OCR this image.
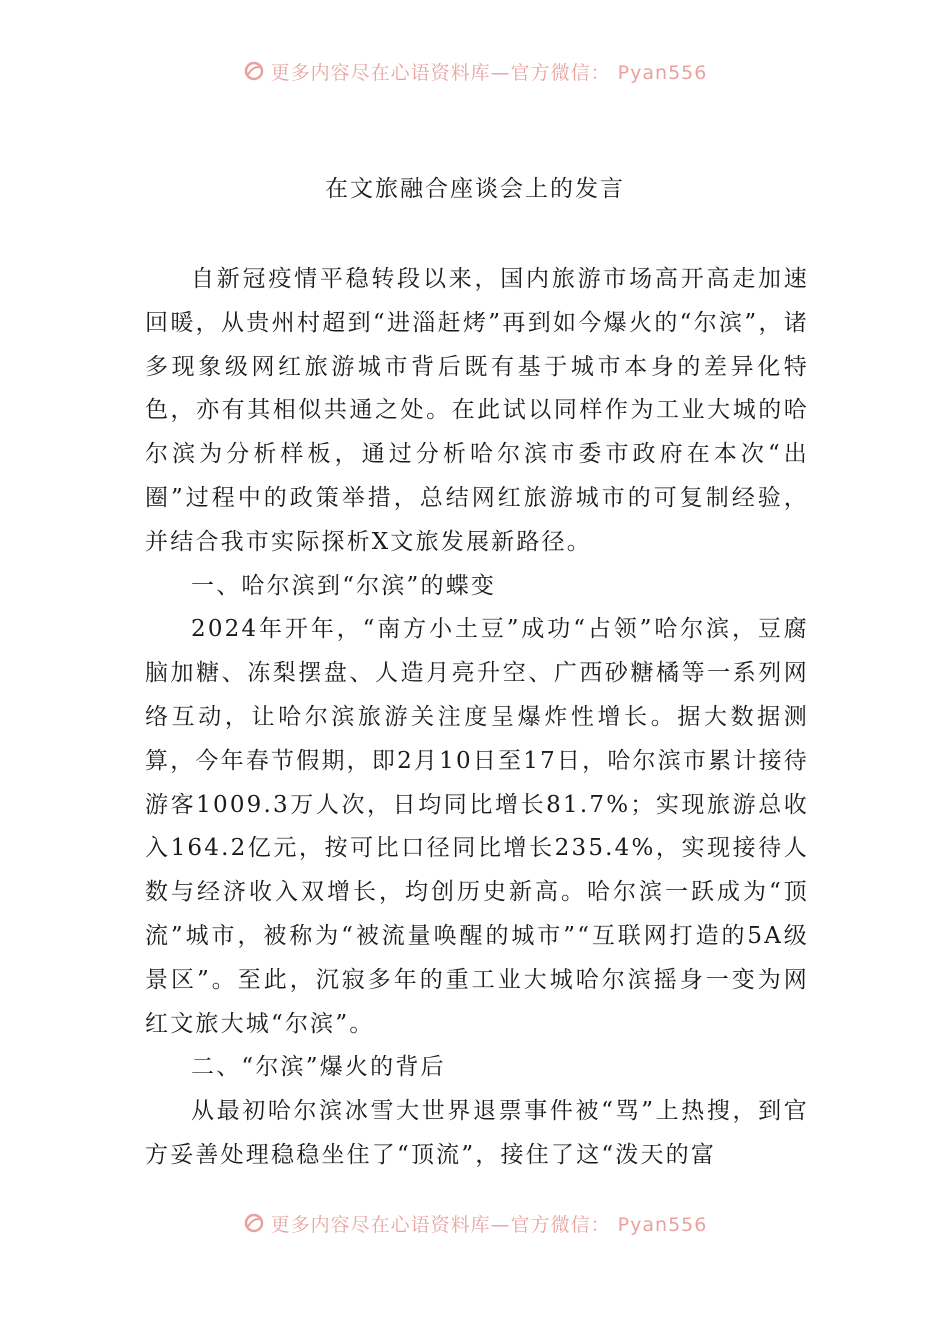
更多内容尽在心语资料库—官方微信： Pyan556
在文旅融合座谈会上的发言

自新冠疫情平稳转段以来，国内旅游市场高开高走加速回暖，从贵州村超到“进淄赶烤”再到如今爆火的“尔滨”，诸多现象级网红旅游城市背后既有基于城市本身的差异化特色，亦有其相似共通之处。在此试以同样作为工业大城的哈尔滨为分析样板，通过分析哈尔滨市委市政府在本次“出圈”过程中的政策举措，总结网红旅游城市的可复制经验，并结合我市实际探析X文旅发展新路径。

一、哈尔滨到“尔滨”的蝶变

2024年开年，“南方小土豆”成功“占领”哈尔滨，豆腐脑加糖、冻梨摆盘、人造月亮升空、广西砂糖橘等一系列网络互动，让哈尔滨旅游关注度呈爆炸性增长。据大数据测算，今年春节假期，即2月10日至17日，哈尔滨市累计接待游客1009.3万人次，日均同比增长81.7%；实现旅游总收入164.2亿元，按可比口径同比增长235.4%，实现接待人数与经济收入双增长，均创历史新高。哈尔滨一跃成为“顶流”城市，被称为“被流量唤醒的城市”“互联网打造的5A级景区”。至此，沉寂多年的重工业大城哈尔滨摇身一变为网红文旅大城“尔滨”。

二、“尔滨”爆火的背后

从最初哈尔滨冰雪大世界退票事件被“骂”上热搜，到官方妥善处理稳稳坐住了“顶流”，接住了这“泼天的富

更多内容尽在心语资料库—官方微信： Pyan556
